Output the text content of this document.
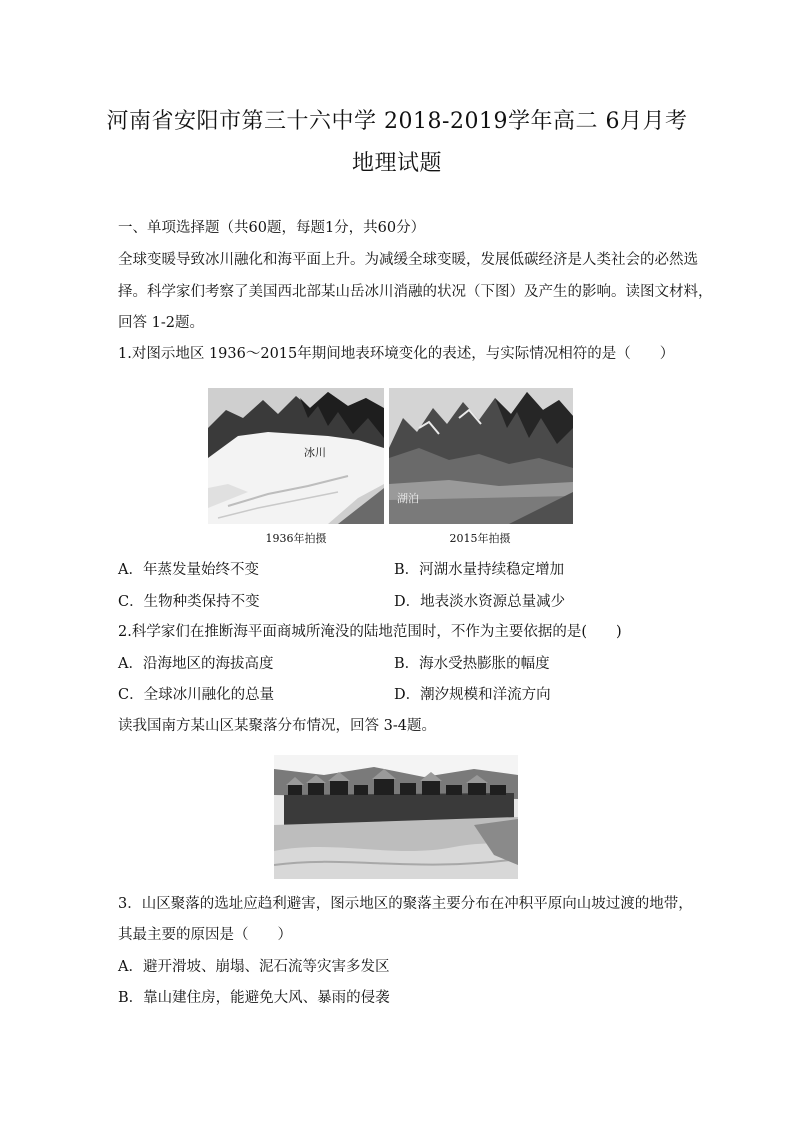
河南省安阳市第三十六中学 2018-2019学年高二 6月月考
地理试题
一、单项选择题（共60题，每题1分，共60分）
全球变暖导致冰川融化和海平面上升。为减缓全球变暖，发展低碳经济是人类社会的必然选
择。科学家们考察了美国西北部某山岳冰川消融的状况（下图）及产生的影响。读图文材料，
回答 1-2题。
1.对图示地区 1936～2015年期间地表环境变化的表述，与实际情况相符的是（　　）
冰川
1936年拍摄
湖泊
2015年拍摄
A．年蒸发量始终不变	B．河湖水量持续稳定增加
C．生物种类保持不变	D．地表淡水资源总量减少
2.科学家们在推断海平面商城所淹没的陆地范围时，不作为主要依据的是(　　)
A．沿海地区的海拔高度	B．海水受热膨胀的幅度
C．全球冰川融化的总量	D．潮汐规模和洋流方向
读我国南方某山区某聚落分布情况，回答 3-4题。
3．山区聚落的选址应趋利避害，图示地区的聚落主要分布在冲积平原向山坡过渡的地带，
其最主要的原因是（　　）
A．避开滑坡、崩塌、泥石流等灾害多发区
B．靠山建住房，能避免大风、暴雨的侵袭
